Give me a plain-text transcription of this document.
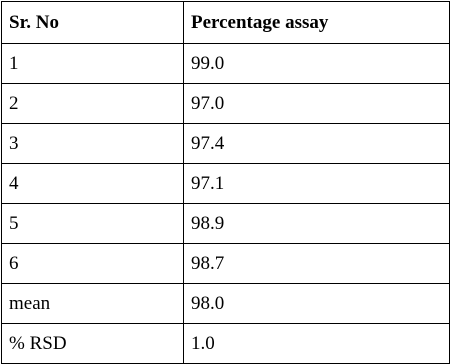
Sr. No	Percentage assay
1	99.0
2	97.0
3	97.4
4	97.1
5	98.9
6	98.7
mean	98.0
% RSD	1.0
